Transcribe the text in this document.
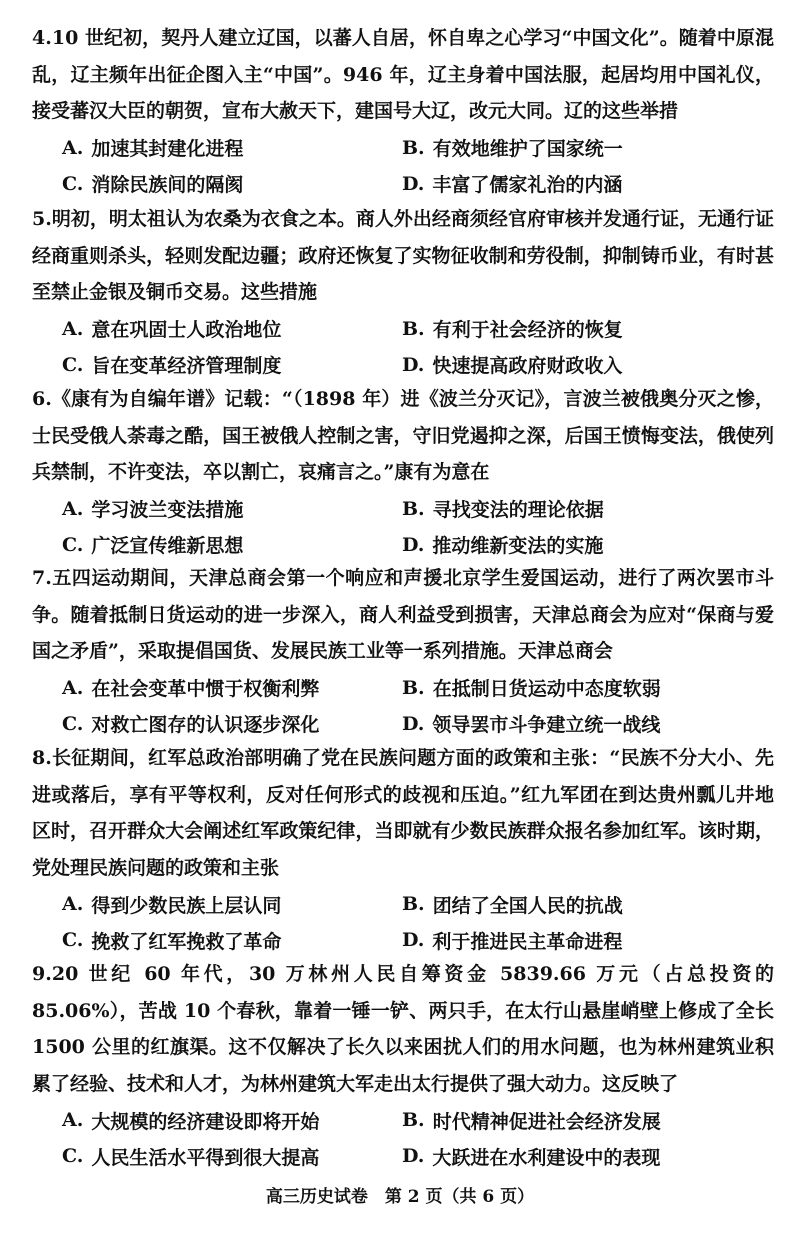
4.10 世纪初，契丹人建立辽国，以蕃人自居，怀自卑之心学习“中国文化”。随着中原混乱，辽主频年出征企图入主“中国”。946 年，辽主身着中国法服，起居均用中国礼仪，接受蕃汉大臣的朝贺，宣布大赦天下，建国号大辽，改元大同。辽的这些举措

A. 加速其封建化进程	B. 有效地维护了国家统一
C. 消除民族间的隔阂	D. 丰富了儒家礼治的内涵

5.明初，明太祖认为农桑为衣食之本。商人外出经商须经官府审核并发通行证，无通行证经商重则杀头，轻则发配边疆；政府还恢复了实物征收制和劳役制，抑制铸币业，有时甚至禁止金银及铜币交易。这些措施

A. 意在巩固士人政治地位	B. 有利于社会经济的恢复
C. 旨在变革经济管理制度	D. 快速提高政府财政收入

6.《康有为自编年谱》记载：“（1898 年）进《波兰分灭记》，言波兰被俄奥分灭之惨，士民受俄人荼毒之酷，国王被俄人控制之害，守旧党遏抑之深，后国王愤悔变法，俄使列兵禁制，不许变法，卒以割亡，哀痛言之。”康有为意在

A. 学习波兰变法措施	B. 寻找变法的理论依据
C. 广泛宣传维新思想	D. 推动维新变法的实施

7.五四运动期间，天津总商会第一个响应和声援北京学生爱国运动，进行了两次罢市斗争。随着抵制日货运动的进一步深入，商人利益受到损害，天津总商会为应对“保商与爱国之矛盾”，采取提倡国货、发展民族工业等一系列措施。天津总商会

A. 在社会变革中惯于权衡利弊	B. 在抵制日货运动中态度软弱
C. 对救亡图存的认识逐步深化	D. 领导罢市斗争建立统一战线

8.长征期间，红军总政治部明确了党在民族问题方面的政策和主张：“民族不分大小、先进或落后，享有平等权利，反对任何形式的歧视和压迫。”红九军团在到达贵州瓢儿井地区时，召开群众大会阐述红军政策纪律，当即就有少数民族群众报名参加红军。该时期，党处理民族问题的政策和主张

A. 得到少数民族上层认同	B. 团结了全国人民的抗战
C. 挽救了红军挽救了革命	D. 利于推进民主革命进程

9.20 世纪 60 年代，30 万林州人民自筹资金 5839.66 万元（占总投资的 85.06%），苦战 10 个春秋，靠着一锤一铲、两只手，在太行山悬崖峭壁上修成了全长 1500 公里的红旗渠。这不仅解决了长久以来困扰人们的用水问题，也为林州建筑业积累了经验、技术和人才，为林州建筑大军走出太行提供了强大动力。这反映了

A. 大规模的经济建设即将开始	B. 时代精神促进社会经济发展
C. 人民生活水平得到很大提高	D. 大跃进在水利建设中的表现
高三历史试卷　第 2 页（共 6 页）
